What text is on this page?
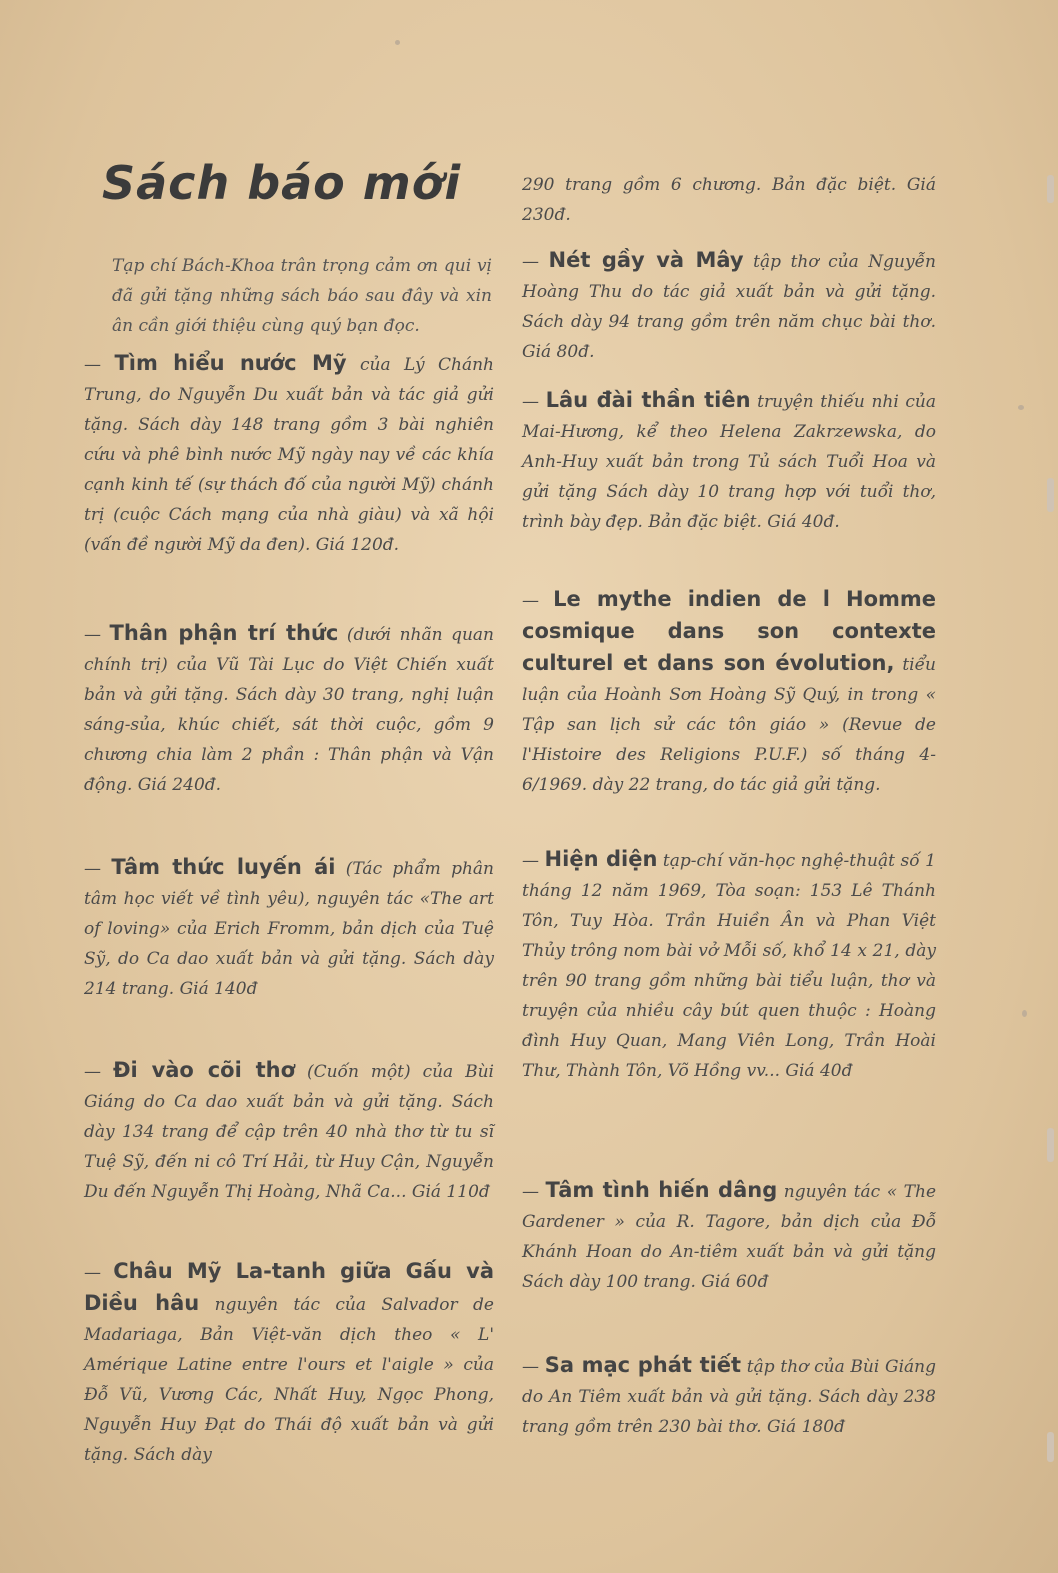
Sách báo mới

Tạp chí Bách-Khoa trân trọng cảm ơn qui vị đã gửi tặng những sách báo sau đây và xin ân cần giới thiệu cùng quý bạn đọc.

— Tìm hiểu nước Mỹ của Lý Chánh Trung, do Nguyễn Du xuất bản và tác giả gửi tặng. Sách dày 148 trang gồm 3 bài nghiên cứu và phê bình nước Mỹ ngày nay về các khía cạnh kinh tế (sự thách đố của người Mỹ) chánh trị (cuộc Cách mạng của nhà giàu) và xã hội (vấn đề người Mỹ da đen). Giá 120đ.

— Thân phận trí thức (dưới nhãn quan chính trị) của Vũ Tài Lục do Việt Chiến xuất bản và gửi tặng. Sách dày 30 trang, nghị luận sáng-sủa, khúc chiết, sát thời cuộc, gồm 9 chương chia làm 2 phần : Thân phận và Vận động. Giá 240đ.

— Tâm thức luyến ái (Tác phẩm phân tâm học viết về tình yêu), nguyên tác «The art of loving» của Erich Fromm, bản dịch của Tuệ Sỹ, do Ca dao xuất bản và gửi tặng. Sách dày 214 trang. Giá 140đ

— Đi vào cõi thơ (Cuốn một) của Bùi Giáng do Ca dao xuất bản và gửi tặng. Sách dày 134 trang để cập trên 40 nhà thơ từ tu sĩ Tuệ Sỹ, đến ni cô Trí Hải, từ Huy Cận, Nguyễn Du đến Nguyễn Thị Hoàng, Nhã Ca... Giá 110đ

— Châu Mỹ La-tanh giữa Gấu và Diều hâu nguyên tác của Salvador de Madariaga, Bản Việt-văn dịch theo « L' Amérique Latine entre l'ours et l'aigle » của Đỗ Vũ, Vương Các, Nhất Huy, Ngọc Phong, Nguyễn Huy Đạt do Thái độ xuất bản và gửi tặng. Sách dày

290 trang gồm 6 chương. Bản đặc biệt. Giá 230đ.

— Nét gầy và Mây tập thơ của Nguyễn Hoàng Thu do tác giả xuất bản và gửi tặng. Sách dày 94 trang gồm trên năm chục bài thơ. Giá 80đ.

— Lâu đài thần tiên truyện thiếu nhi của Mai-Hương, kể theo Helena Zakrzewska, do Anh-Huy xuất bản trong Tủ sách Tuổi Hoa và gửi tặng Sách dày 10 trang hợp với tuổi thơ, trình bày đẹp. Bản đặc biệt. Giá 40đ.

— Le mythe indien de l Homme cosmique dans son contexte culturel et dans son évolution, tiểu luận của Hoành Sơn Hoàng Sỹ Quý, in trong « Tập san lịch sử các tôn giáo » (Revue de l'Histoire des Religions P.U.F.) số tháng 4-6/1969. dày 22 trang, do tác giả gửi tặng.

— Hiện diện tạp-chí văn-học nghệ-thuật số 1 tháng 12 năm 1969, Tòa soạn: 153 Lê Thánh Tôn, Tuy Hòa. Trần Huiền Ân và Phan Việt Thủy trông nom bài vở Mỗi số, khổ 14 x 21, dày trên 90 trang gồm những bài tiểu luận, thơ và truyện của nhiều cây bút quen thuộc : Hoàng đình Huy Quan, Mang Viên Long, Trần Hoài Thư, Thành Tôn, Võ Hồng vv... Giá 40đ

— Tâm tình hiến dâng nguyên tác « The Gardener » của R. Tagore, bản dịch của Đỗ Khánh Hoan do An-tiêm xuất bản và gửi tặng Sách dày 100 trang. Giá 60đ

— Sa mạc phát tiết tập thơ của Bùi Giáng do An Tiêm xuất bản và gửi tặng. Sách dày 238 trang gồm trên 230 bài thơ. Giá 180đ
